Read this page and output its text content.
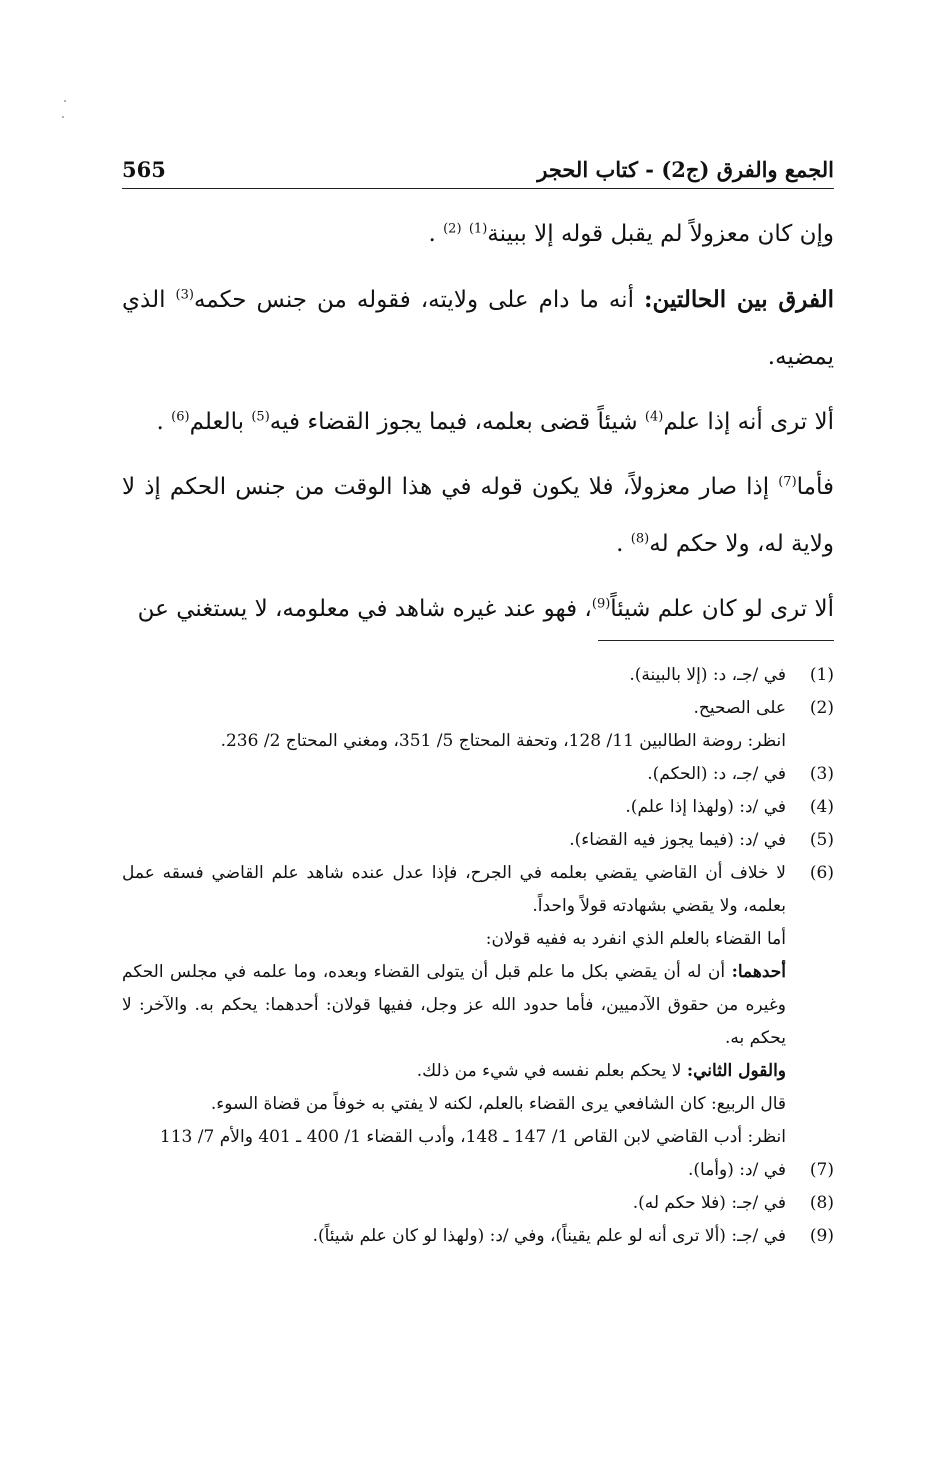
565	الجمع والفرق (ج2) - كتاب الحجر

وإن كان معزولاً لم يقبل قوله إلا ببينة$^{(1)}$ $^{(2)}$ .

الفرق بين الحالتين: أنه ما دام على ولايته، فقوله من جنس حكمه$^{(3)}$ الذي يمضيه.

ألا ترى أنه إذا علم$^{(4)}$ شيئاً قضى بعلمه، فيما يجوز القضاء فيه$^{(5)}$ بالعلم$^{(6)}$ .

فأما$^{(7)}$ إذا صار معزولاً، فلا يكون قوله في هذا الوقت من جنس الحكم إذ لا ولاية له، ولا حكم له$^{(8)}$ .

ألا ترى لو كان علم شيئاً$^{(9)}$، فهو عند غيره شاهد في معلومه، لا يستغني عن

(1)
في /جـ، د: (إلا بالبينة).
(2)
على الصحيح.
انظر: روضة الطالبين 11/ 128، وتحفة المحتاج 5/ 351، ومغني المحتاج 2/ 236.
(3)
في /جـ، د: (الحكم).
(4)
في /د: (ولهذا إذا علم).
(5)
في /د: (فيما يجوز فيه القضاء).
(6)
لا خلاف أن القاضي يقضي بعلمه في الجرح، فإذا عدل عنده شاهد علم القاضي فسقه عمل بعلمه، ولا يقضي بشهادته قولاً واحداً.
أما القضاء بالعلم الذي انفرد به ففيه قولان:
أحدهما: أن له أن يقضي بكل ما علم قبل أن يتولى القضاء وبعده، وما علمه في مجلس الحكم وغيره من حقوق الآدميين، فأما حدود الله عز وجل، ففيها قولان: أحدهما: يحكم به. والآخر: لا يحكم به.
والقول الثاني: لا يحكم بعلم نفسه في شيء من ذلك.
قال الربيع: كان الشافعي يرى القضاء بالعلم، لكنه لا يفتي به خوفاً من قضاة السوء.
انظر: أدب القاضي لابن القاص 1/ 147 ـ 148، وأدب القضاء 1/ 400 ـ 401 والأم 7/ 113
(7)
في /د: (وأما).
(8)
في /جـ: (فلا حكم له).
(9)
في /جـ: (ألا ترى أنه لو علم يقيناً)، وفي /د: (ولهذا لو كان علم شيئاً).
